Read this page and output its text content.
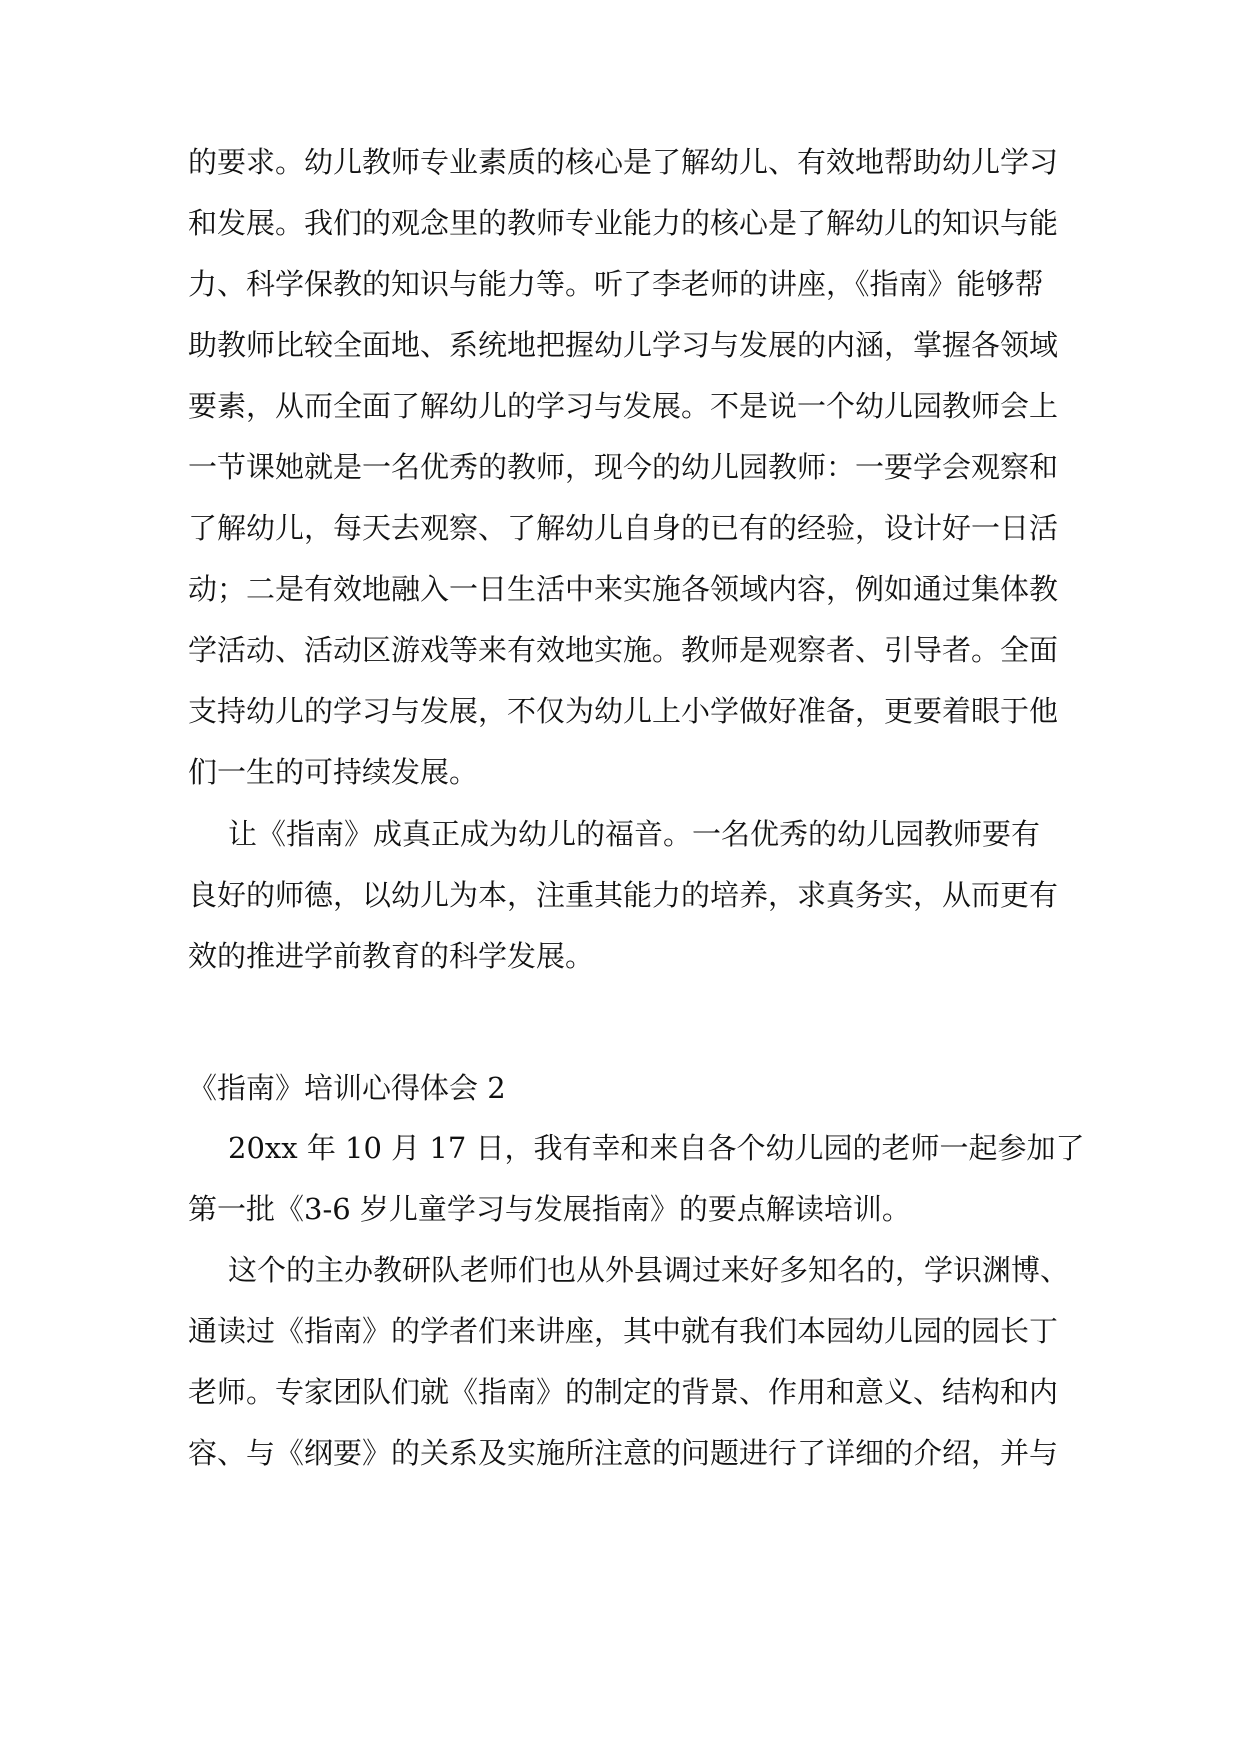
的要求。幼儿教师专业素质的核心是了解幼儿、有效地帮助幼儿学习

和发展。我们的观念里的教师专业能力的核心是了解幼儿的知识与能

力、科学保教的知识与能力等。听了李老师的讲座，《指南》能够帮

助教师比较全面地、系统地把握幼儿学习与发展的内涵，掌握各领域

要素，从而全面了解幼儿的学习与发展。不是说一个幼儿园教师会上

一节课她就是一名优秀的教师，现今的幼儿园教师：一要学会观察和

了解幼儿，每天去观察、了解幼儿自身的已有的经验，设计好一日活

动；二是有效地融入一日生活中来实施各领域内容，例如通过集体教

学活动、活动区游戏等来有效地实施。教师是观察者、引导者。全面

支持幼儿的学习与发展，不仅为幼儿上小学做好准备，更要着眼于他

们一生的可持续发展。

让《指南》成真正成为幼儿的福音。一名优秀的幼儿园教师要有

良好的师德，以幼儿为本，注重其能力的培养，求真务实，从而更有

效的推进学前教育的科学发展。

《指南》培训心得体会 2

20xx 年 10 月 17 日，我有幸和来自各个幼儿园的老师一起参加了

第一批《3-6 岁儿童学习与发展指南》的要点解读培训。

这个的主办教研队老师们也从外县调过来好多知名的，学识渊博、

通读过《指南》的学者们来讲座，其中就有我们本园幼儿园的园长丁

老师。专家团队们就《指南》的制定的背景、作用和意义、结构和内

容、与《纲要》的关系及实施所注意的问题进行了详细的介绍，并与
